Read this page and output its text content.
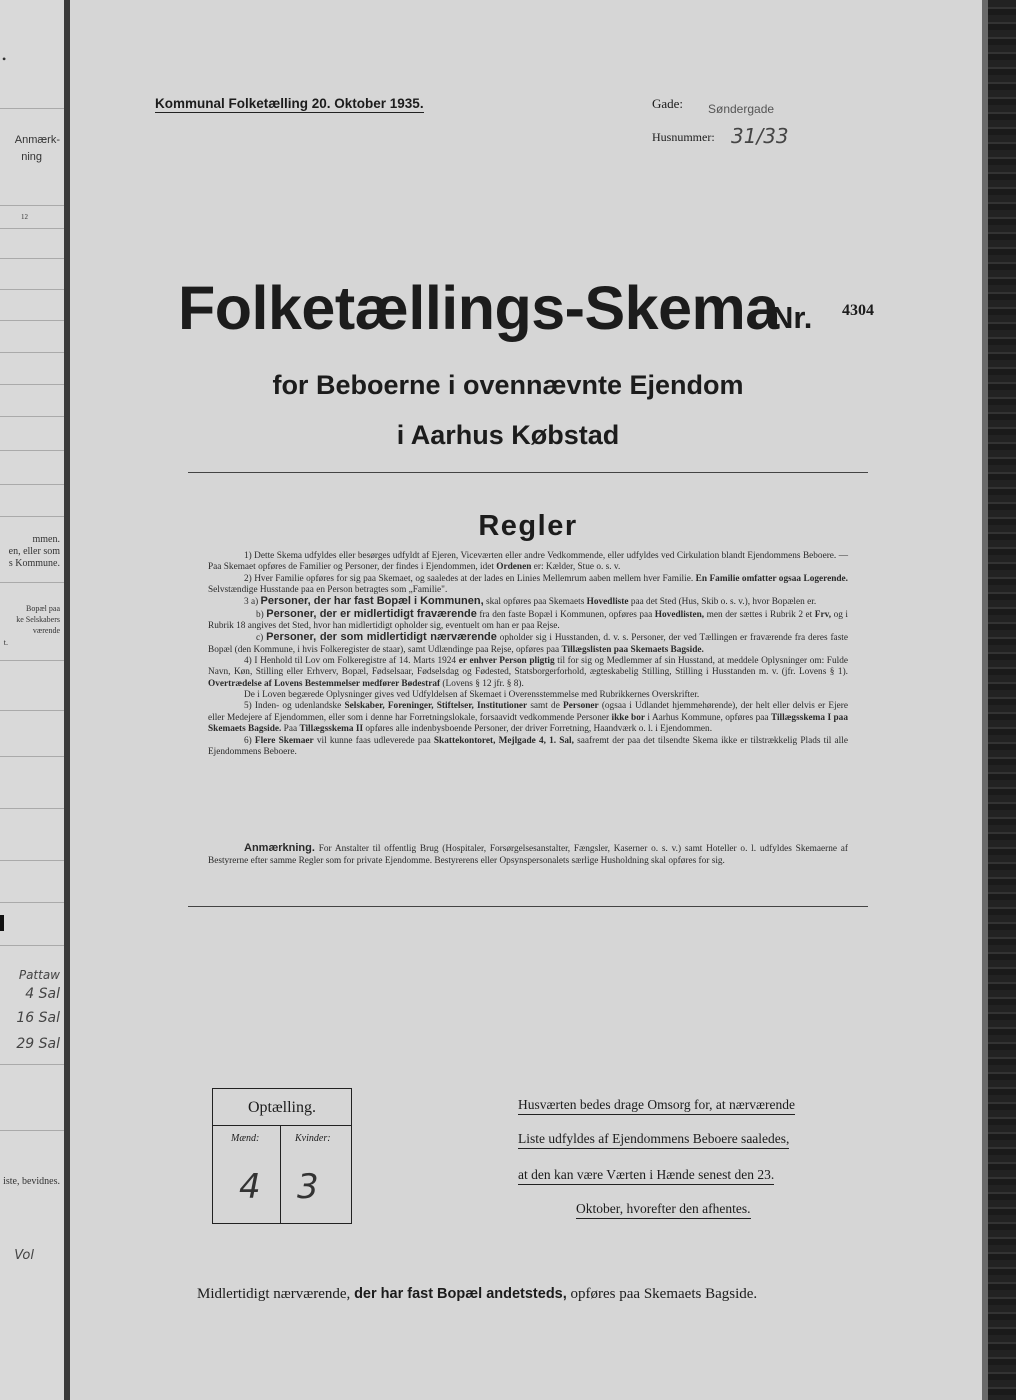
•
Anmærk-
ning
12
mmen.
en, eller som
s Kommune.
Bopæl paa
ke Selskabers
værende
t.
Pattaw
4 Sal
16 Sal
29 Sal
iste, bevidnes.
Vol
Kommunal Folketælling 20. Oktober 1935.	Gade: Søndergade
Husnummer: 31/33
Folketællings-Skema
Nr. 4304
for Beboerne i ovennævnte Ejendom
i Aarhus Købstad
Regler

1) Dette Skema udfyldes eller besørges udfyldt af Ejeren, Viceværten eller andre Vedkommende, eller udfyldes ved Cirkulation blandt Ejendommens Beboere. — Paa Skemaet opføres de Familier og Personer, der findes i Ejendommen, idet Ordenen er: Kælder, Stue o. s. v.

2) Hver Familie opføres for sig paa Skemaet, og saaledes at der lades en Linies Mellemrum aaben mellem hver Familie. En Familie omfatter ogsaa Logerende. Selvstændige Husstande paa en Person betragtes som „Familie".

3 a) Personer, der har fast Bopæl i Kommunen, skal opføres paa Skemaets Hovedliste paa det Sted (Hus, Skib o. s. v.), hvor Bopælen er.

b) Personer, der er midlertidigt fraværende fra den faste Bopæl i Kommunen, opføres paa Hovedlisten, men der sættes i Rubrik 2 et Frv, og i Rubrik 18 angives det Sted, hvor han midlertidigt opholder sig, eventuelt om han er paa Rejse.

c) Personer, der som midlertidigt nærværende opholder sig i Husstanden, d. v. s. Personer, der ved Tællingen er fraværende fra deres faste Bopæl (den Kommune, i hvis Folkeregister de staar), samt Udlændinge paa Rejse, opføres paa Tillægslisten paa Skemaets Bagside.

4) I Henhold til Lov om Folkeregistre af 14. Marts 1924 er enhver Person pligtig til for sig og Medlemmer af sin Husstand, at meddele Oplysninger om: Fulde Navn, Køn, Stilling eller Erhverv, Bopæl, Fødselsaar, Fødselsdag og Fødested, Statsborgerforhold, ægteskabelig Stilling, Stilling i Husstanden m. v. (jfr. Lovens § 1). Overtrædelse af Lovens Bestemmelser medfører Bødestraf (Lovens § 12 jfr. § 8).

De i Loven begærede Oplysninger gives ved Udfyldelsen af Skemaet i Overensstemmelse med Rubrikkernes Overskrifter.

5) Inden- og udenlandske Selskaber, Foreninger, Stiftelser, Institutioner samt de Personer (ogsaa i Udlandet hjemmehørende), der helt eller delvis er Ejere eller Medejere af Ejendommen, eller som i denne har Forretningslokale, forsaavidt vedkommende Personer ikke bor i Aarhus Kommune, opføres paa Tillægsskema I paa Skemaets Bagside. Paa Tillægsskema II opføres alle indenbysboende Personer, der driver Forretning, Haandværk o. l. i Ejendommen.

6) Flere Skemaer vil kunne faas udleverede paa Skattekontoret, Mejlgade 4, 1. Sal, saafremt der paa det tilsendte Skema ikke er tilstrækkelig Plads til alle Ejendommens Beboere.

Anmærkning. For Anstalter til offentlig Brug (Hospitaler, Forsørgelsesanstalter, Fængsler, Kaserner o. s. v.) samt Hoteller o. l. udfyldes Skemaerne af Bestyrerne efter samme Regler som for private Ejendomme. Bestyrerens eller Opsynspersonalets særlige Husholdning skal opføres for sig.
Optælling.
Mænd:	Kvinder:
4 3
Husværten bedes drage Omsorg for, at nærværende
Liste udfyldes af Ejendommens Beboere saaledes,
at den kan være Værten i Hænde senest den 23.
Oktober, hvorefter den afhentes.
Midlertidigt nærværende, der har fast Bopæl andetsteds, opføres paa Skemaets Bagside.
